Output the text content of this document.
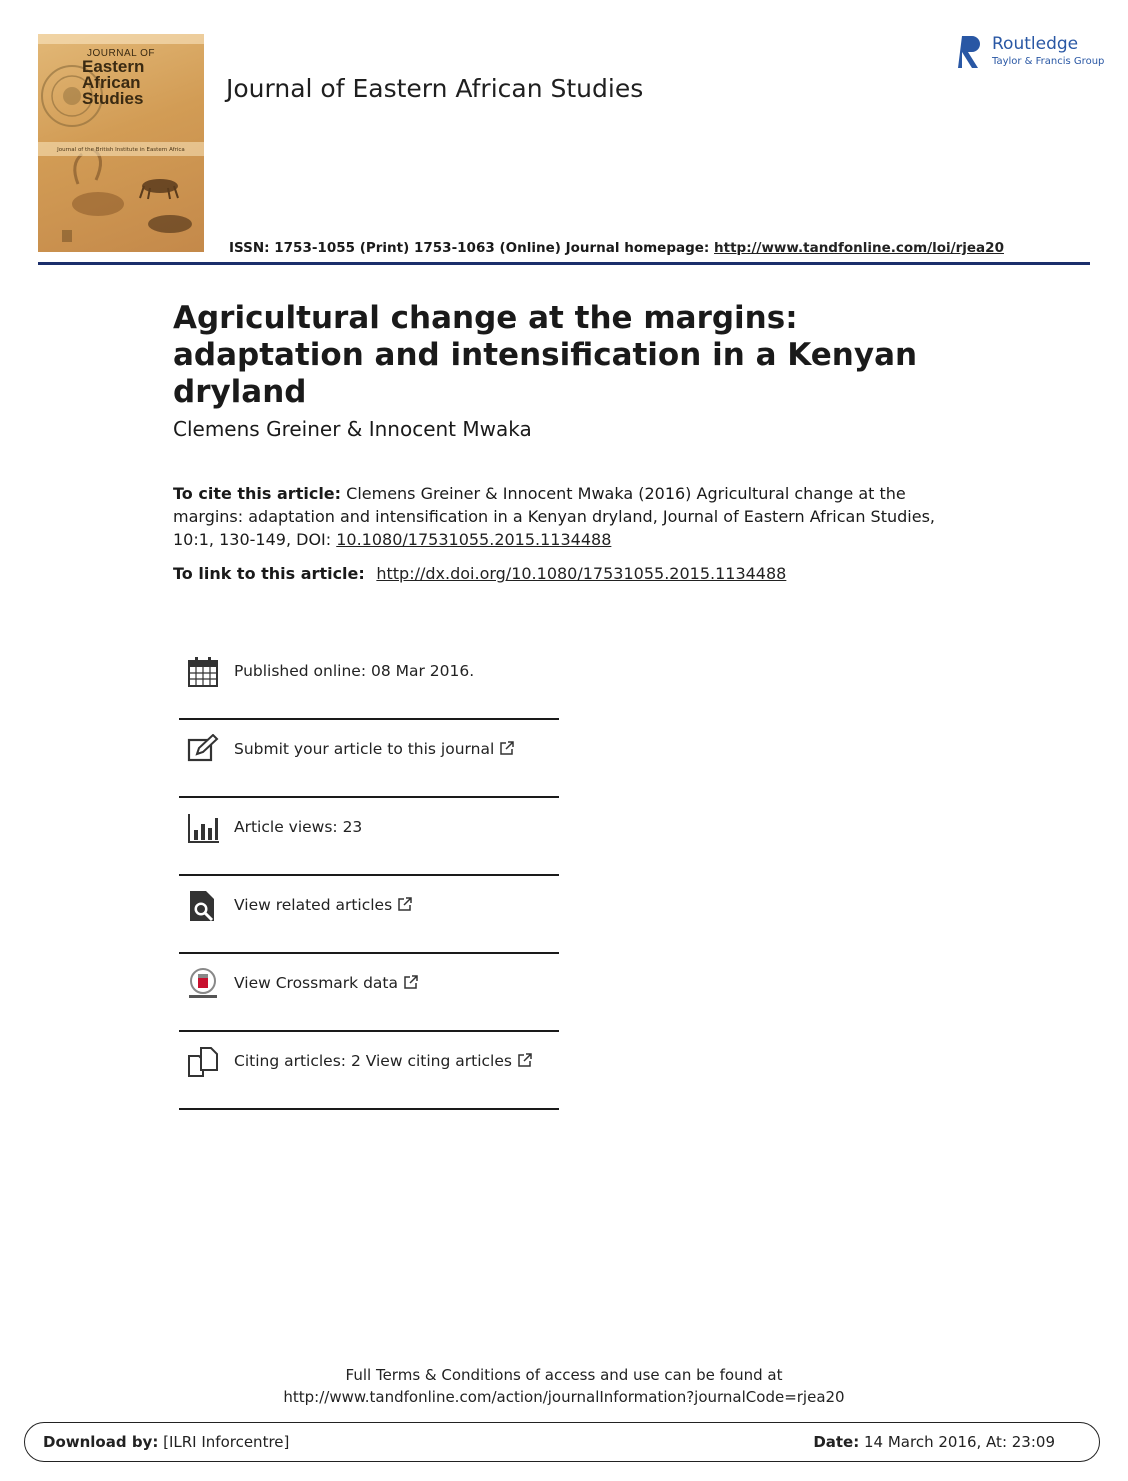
JOURNAL OF
Eastern
African
Studies
Journal of the British Institute in Eastern Africa
Journal of Eastern African Studies
Routledge
Taylor & Francis Group
ISSN: 1753-1055 (Print) 1753-1063 (Online) Journal homepage: http://www.tandfonline.com/loi/rjea20
Agricultural change at the margins: adaptation and intensification in a Kenyan dryland
Clemens Greiner & Innocent Mwaka
To cite this article: Clemens Greiner & Innocent Mwaka (2016) Agricultural change at the margins: adaptation and intensification in a Kenyan dryland, Journal of Eastern African Studies, 10:1, 130-149, DOI: 10.1080/17531055.2015.1134488
To link to this article: http://dx.doi.org/10.1080/17531055.2015.1134488
Published online: 08 Mar 2016.
Submit your article to this journal
Article views: 23
View related articles
View Crossmark data
Citing articles: 2 View citing articles
Full Terms & Conditions of access and use can be found at
http://www.tandfonline.com/action/journalInformation?journalCode=rjea20
Download by: [ILRI Inforcentre]	Date: 14 March 2016, At: 23:09
